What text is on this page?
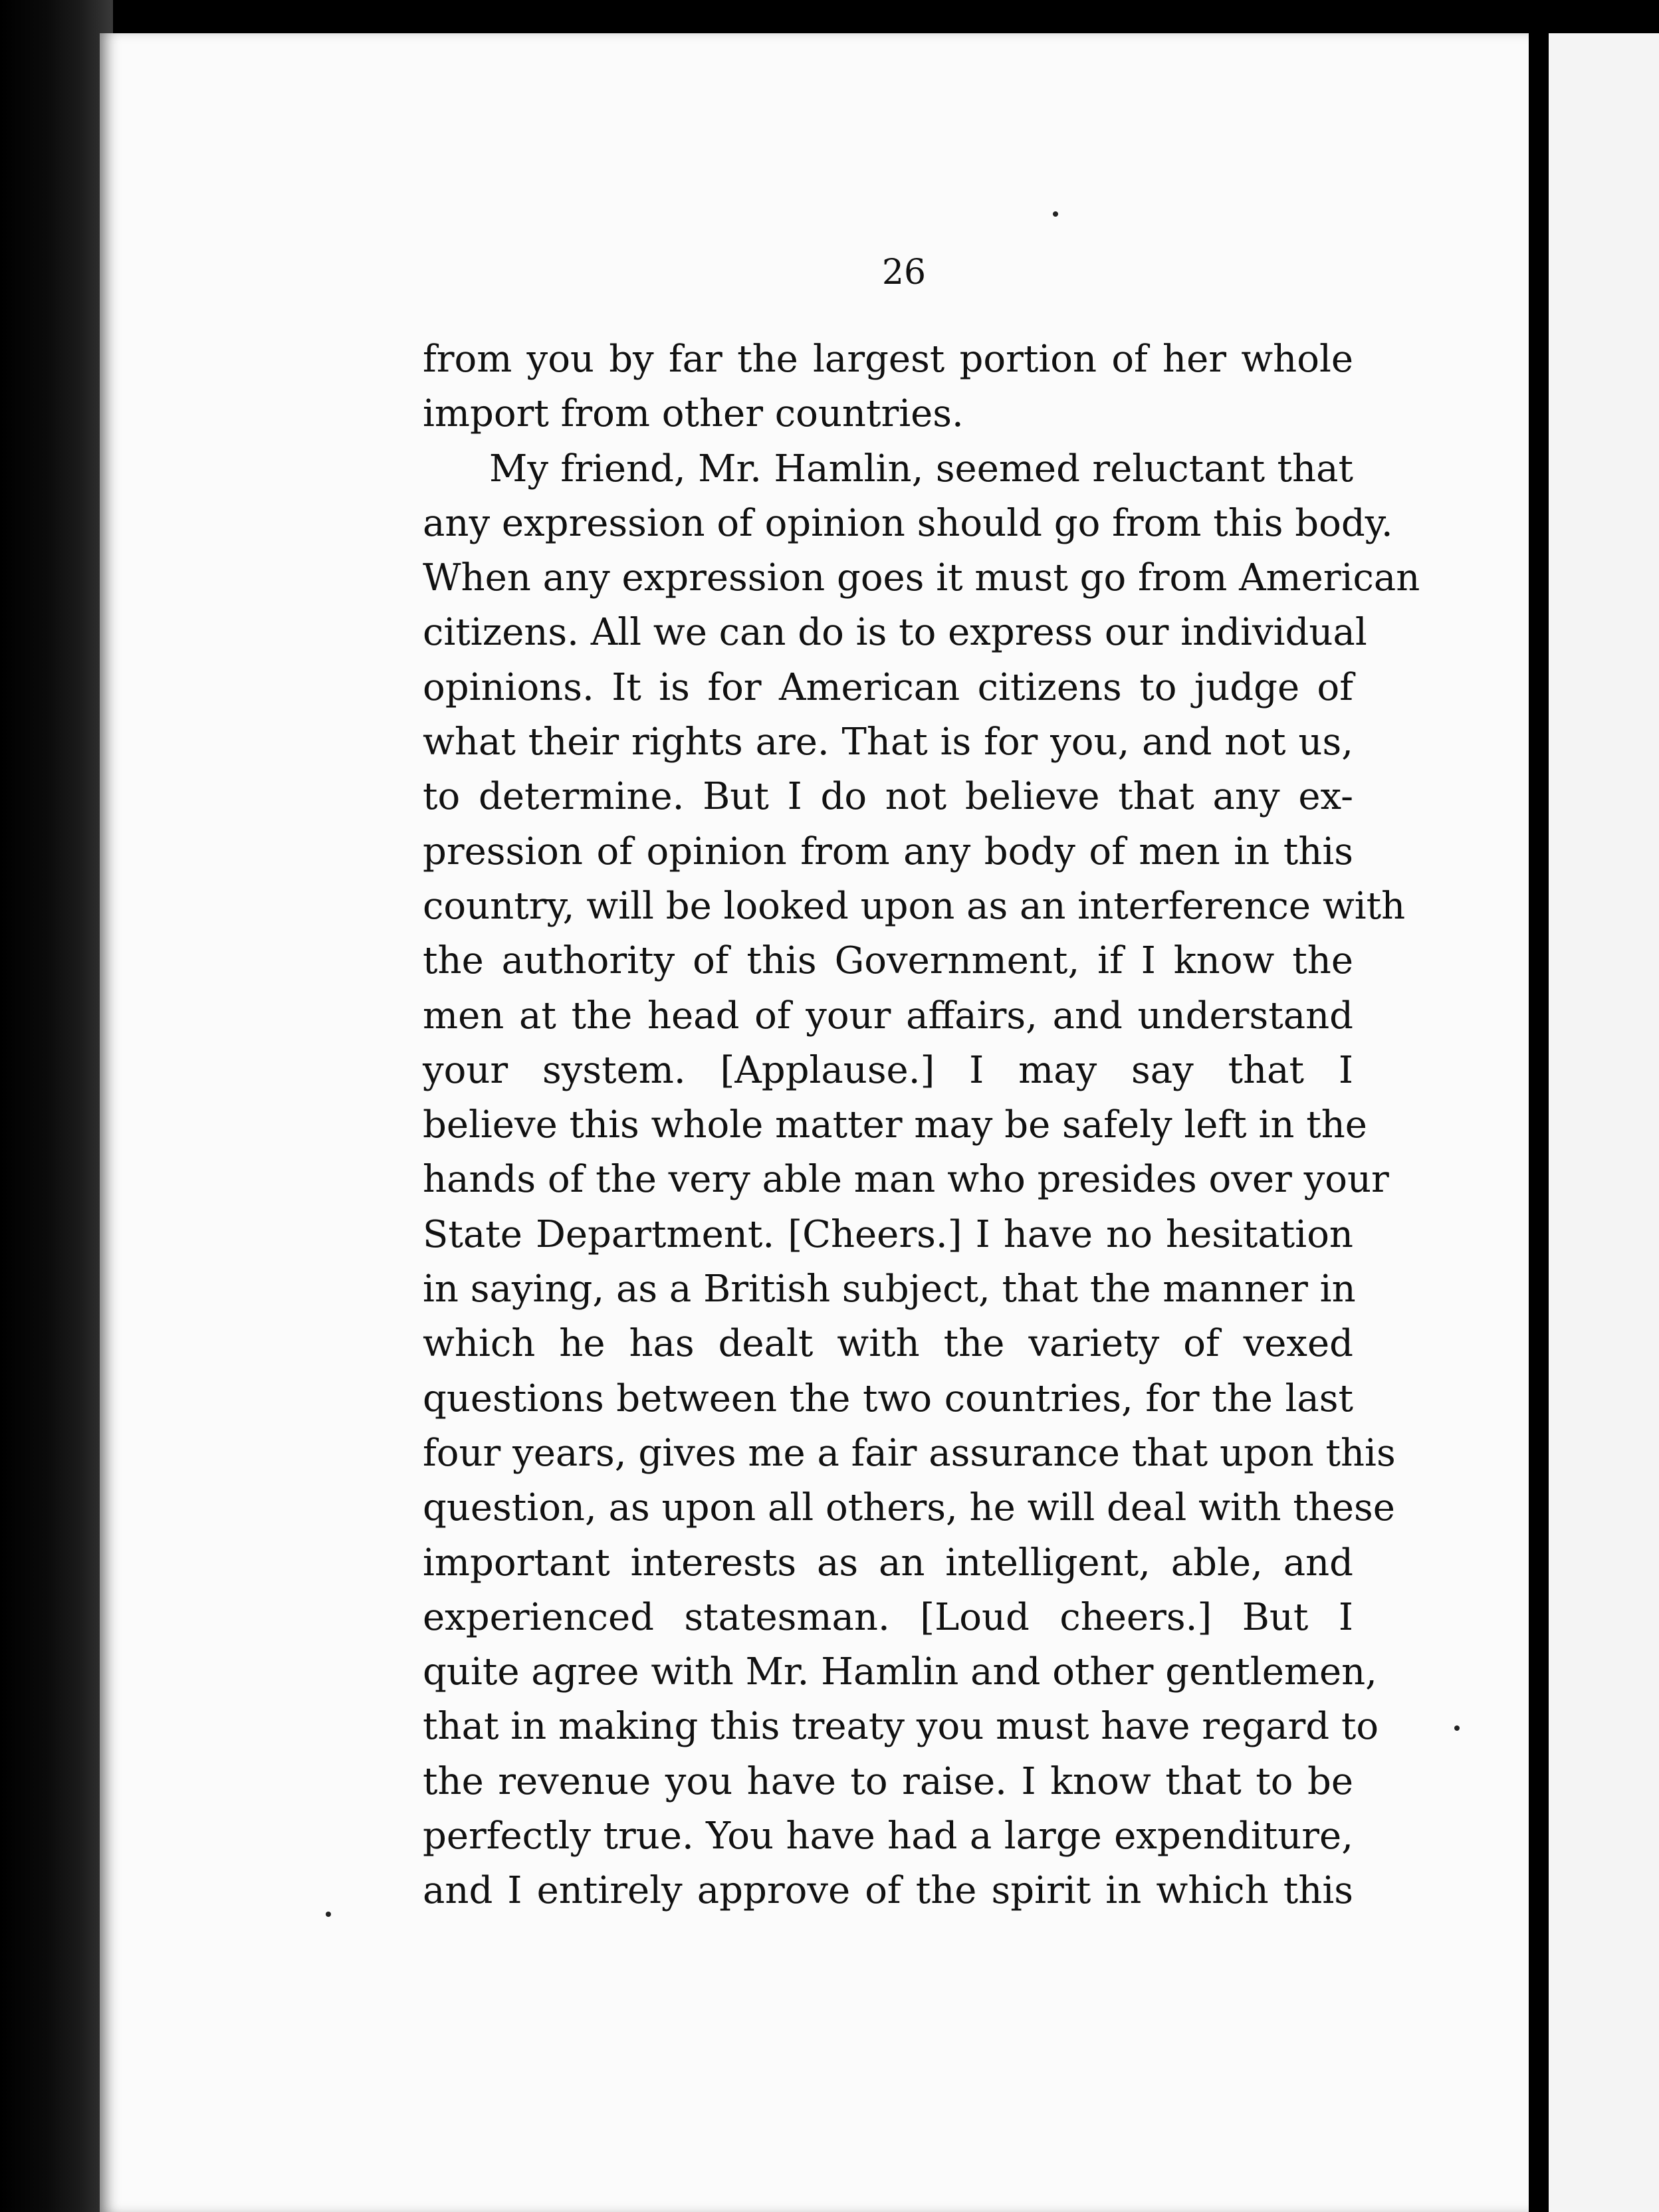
26
from you by far the largest portion of her whole
import from other countries.
My friend, Mr. Hamlin, seemed reluctant that
any expression of opinion should go from this body.
When any expression goes it must go from American
citizens. All we can do is to express our individual
opinions. It is for American citizens to judge of
what their rights are. That is for you, and not us,
to determine. But I do not believe that any ex-
pression of opinion from any body of men in this
country, will be looked upon as an interference with
the authority of this Government, if I know the
men at the head of your affairs, and understand
your system. [Applause.] I may say that I
believe this whole matter may be safely left in the
hands of the very able man who presides over your
State Department. [Cheers.] I have no hesitation
in saying, as a British subject, that the manner in
which he has dealt with the variety of vexed
questions between the two countries, for the last
four years, gives me a fair assurance that upon this
question, as upon all others, he will deal with these
important interests as an intelligent, able, and
experienced statesman. [Loud cheers.] But I
quite agree with Mr. Hamlin and other gentlemen,
that in making this treaty you must have regard to
the revenue you have to raise. I know that to be
perfectly true. You have had a large expenditure,
and I entirely approve of the spirit in which this
